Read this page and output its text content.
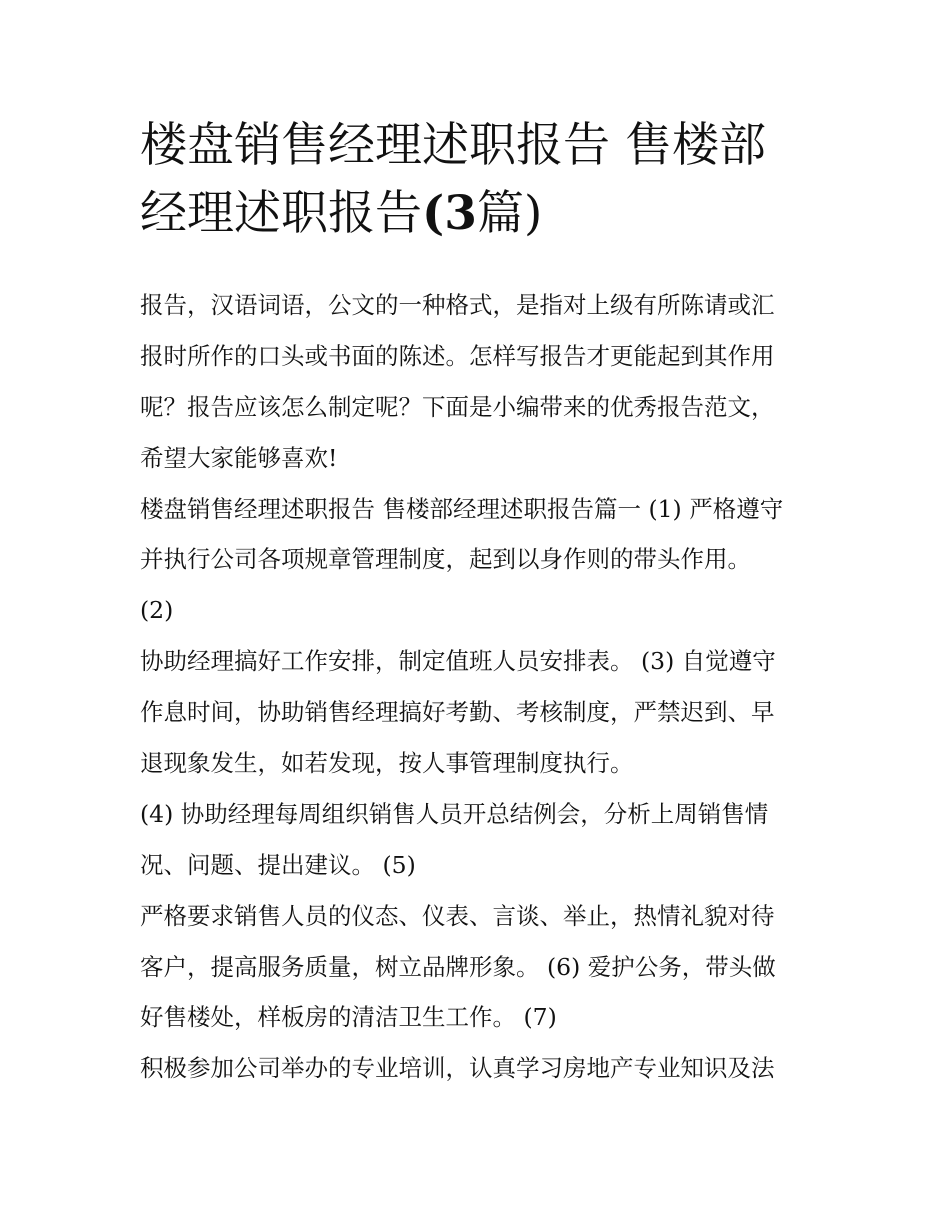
楼盘销售经理述职报告 售楼部
经理述职报告(3篇)
报告，汉语词语，公文的一种格式，是指对上级有所陈请或汇
报时所作的口头或书面的陈述。怎样写报告才更能起到其作用
呢？报告应该怎么制定呢？下面是小编带来的优秀报告范文，
希望大家能够喜欢!
楼盘销售经理述职报告 售楼部经理述职报告篇一 (1) 严格遵守
并执行公司各项规章管理制度，起到以身作则的带头作用。
(2)
协助经理搞好工作安排，制定值班人员安排表。 (3) 自觉遵守
作息时间，协助销售经理搞好考勤、考核制度，严禁迟到、早
退现象发生，如若发现，按人事管理制度执行。
(4) 协助经理每周组织销售人员开总结例会，分析上周销售情
况、问题、提出建议。 (5)
严格要求销售人员的仪态、仪表、言谈、举止，热情礼貌对待
客户，提高服务质量，树立品牌形象。 (6) 爱护公务，带头做
好售楼处，样板房的清洁卫生工作。 (7)
积极参加公司举办的专业培训，认真学习房地产专业知识及法
